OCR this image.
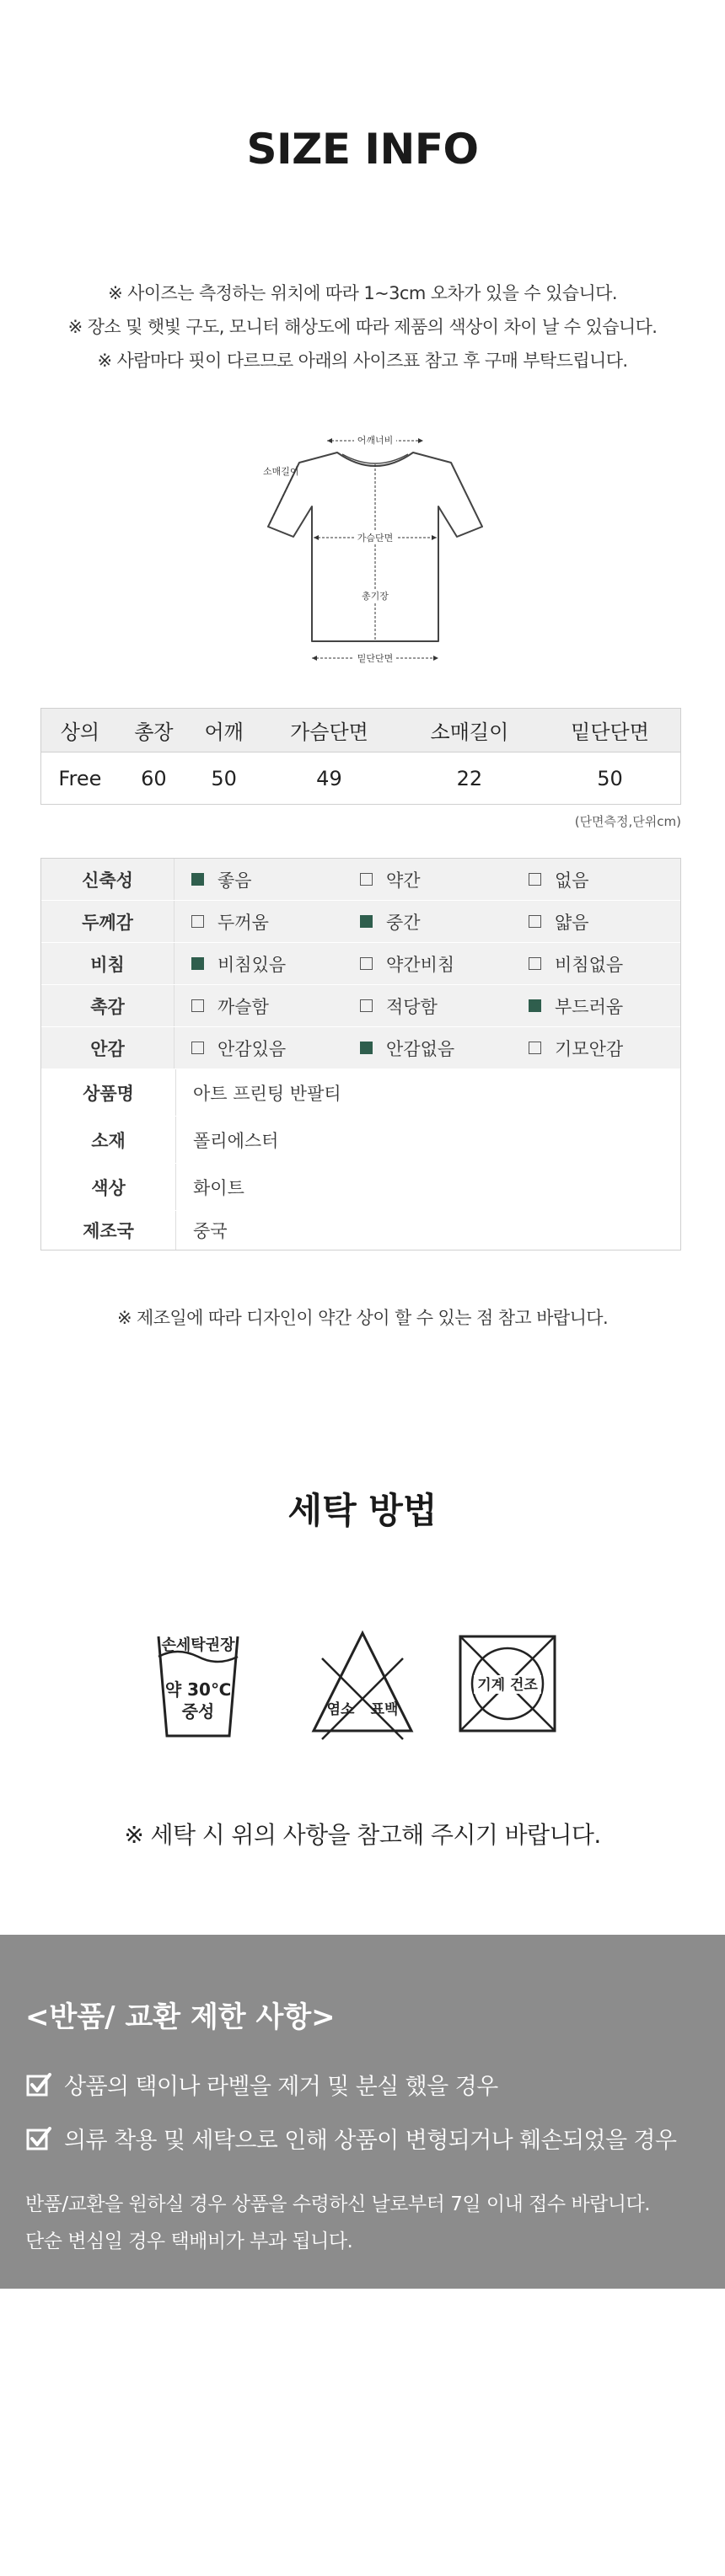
SIZE INFO
※ 사이즈는 측정하는 위치에 따라 1~3cm 오차가 있을 수 있습니다.
※ 장소 및 햇빛 구도, 모니터 해상도에 따라 제품의 색상이 차이 날 수 있습니다.
※ 사람마다 핏이 다르므로 아래의 사이즈표 참고 후 구매 부탁드립니다.
어깨너비
소매길이
가슴단면
총기장
밑단단면
상의	총장	어깨	가슴단면	소매길이	밑단단면
Free	60	50	49	22	50
(단면측정,단위cm)
신축성	좋음	약간	없음
두께감	두꺼움	중간	얇음
비침	비침있음	약간비침	비침없음
촉감	까슬함	적당함	부드러움
안감	안감있음	안감없음	기모안감
상품명	아트 프린팅 반팔티
소재	폴리에스터
색상	화이트
제조국	중국
※ 제조일에 따라 디자인이 약간 상이 할 수 있는 점 참고 바랍니다.
세탁 방법
손세탁권장
약 30℃
중성	염소 표백
기계 건조
※ 세탁 시 위의 사항을 참고해 주시기 바랍니다.
<반품/ 교환 제한 사항>
상품의 택이나 라벨을 제거 및 분실 했을 경우
의류 착용 및 세탁으로 인해 상품이 변형되거나 훼손되었을 경우
반품/교환을 원하실 경우 상품을 수령하신 날로부터 7일 이내 접수 바랍니다.
단순 변심일 경우 택배비가 부과 됩니다.
